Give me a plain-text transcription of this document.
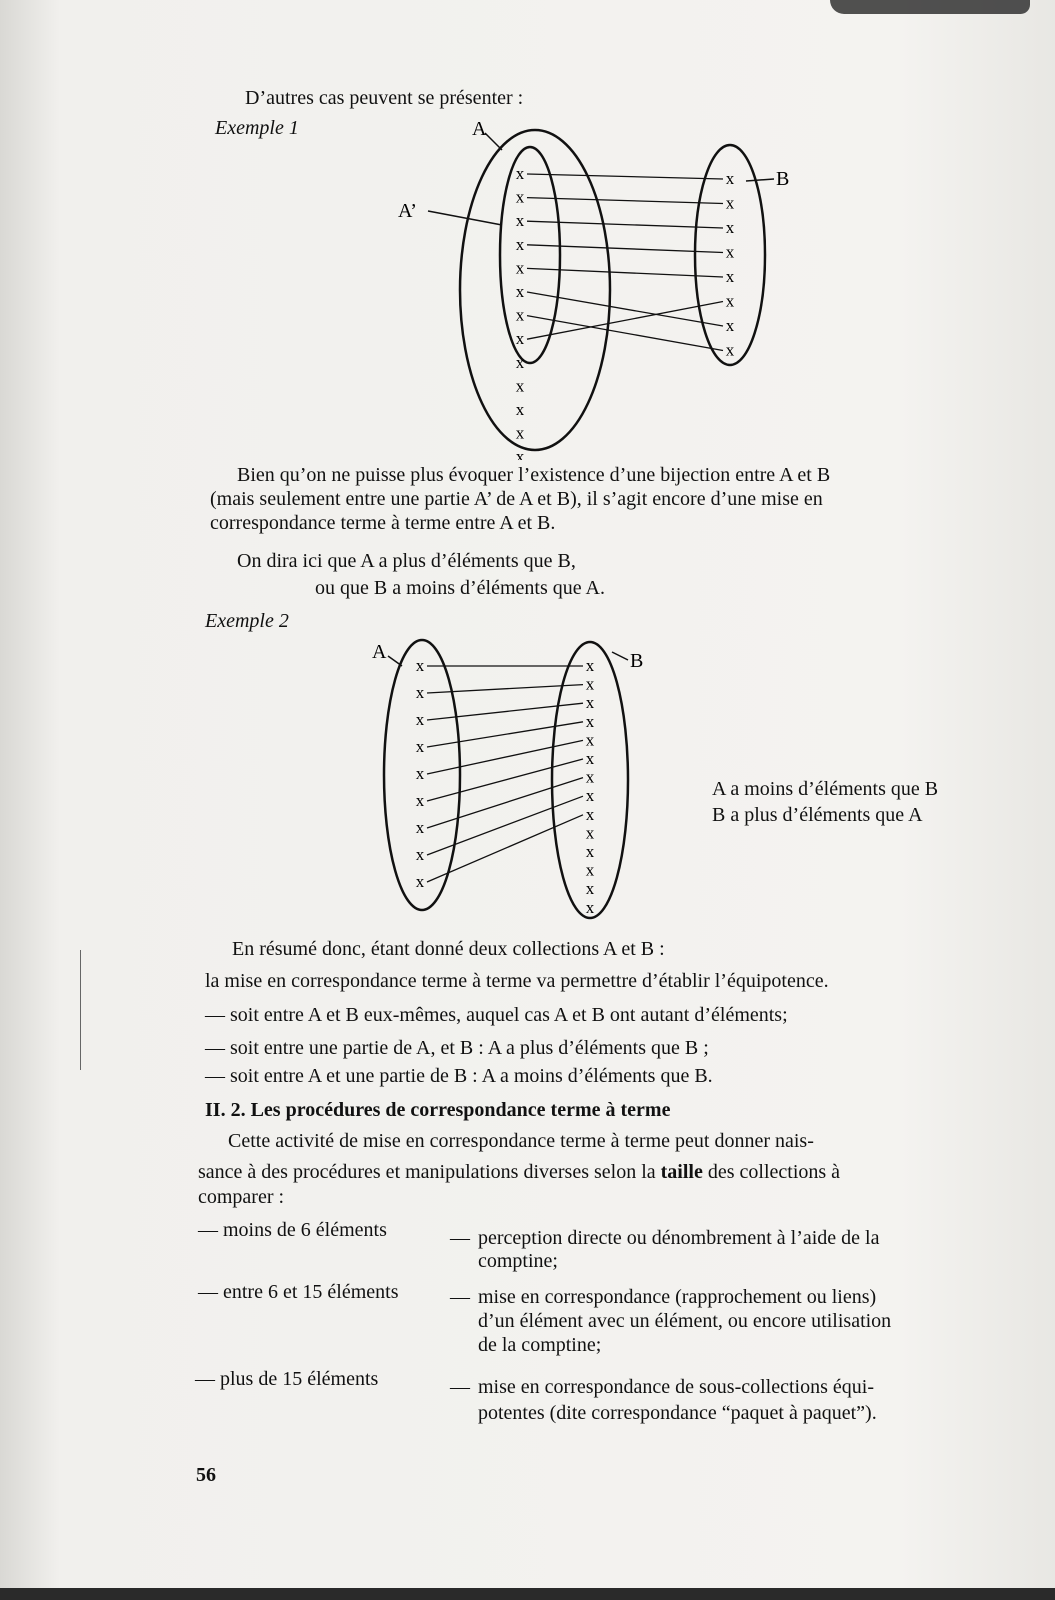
D’autres cas peuvent se présenter :
Exemple 1	A
A’
B
x
x
x
x
x
x
x
x
x
x
x
x
x
x
x
x
x
x
x
x
x
Bien qu’on ne puisse plus évoquer l’existence d’une bijection entre A et B
(mais seulement entre une partie A’ de A et B), il s’agit encore d’une mise en
correspondance terme à terme entre A et B.
On dira ici que A a plus d’éléments que B,
ou que B a moins d’éléments que A.
Exemple 2
A	B
x
x
x
x
x
x
x
x
x
x
x
x
x
x
x
x
x
x
x
x
x
x
x
A a moins d’éléments que B
B a plus d’éléments que A
En résumé donc, étant donné deux collections A et B :
la mise en correspondance terme à terme va permettre d’établir l’équipotence.
— soit entre A et B eux-mêmes, auquel cas A et B ont autant d’éléments;
— soit entre une partie de A, et B : A a plus d’éléments que B ;
— soit entre A et une partie de B : A a moins d’éléments que B.
II. 2. Les procédures de correspondance terme à terme
Cette activité de mise en correspondance terme à terme peut donner nais-
sance à des procédures et manipulations diverses selon la taille des collections à
comparer :
— moins de 6 éléments	— perception directe ou dénombrement à l’aide de la
comptine;
— entre 6 et 15 éléments	— mise en correspondance (rapprochement ou liens)
d’un élément avec un élément, ou encore utilisation
de la comptine;
— plus de 15 éléments	— mise en correspondance de sous-collections équi-
potentes (dite correspondance “paquet à paquet”).
56
